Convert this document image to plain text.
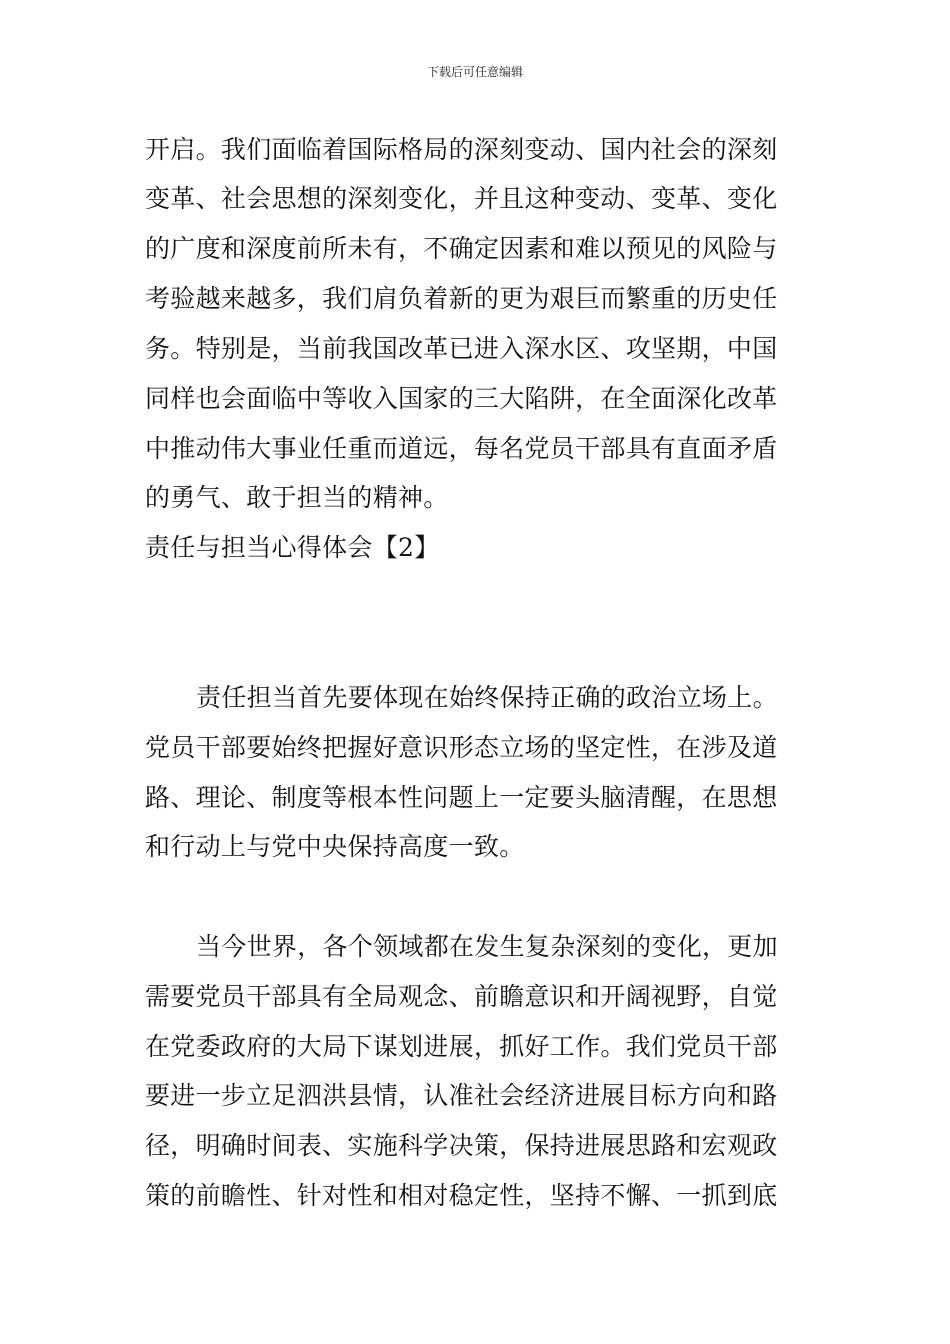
下载后可任意编辑
开启。我们面临着国际格局的深刻变动、国内社会的深刻
变革、社会思想的深刻变化，并且这种变动、变革、变化
的广度和深度前所未有，不确定因素和难以预见的风险与
考验越来越多，我们肩负着新的更为艰巨而繁重的历史任
务。特别是，当前我国改革已进入深水区、攻坚期，中国
同样也会面临中等收入国家的三大陷阱，在全面深化改革
中推动伟大事业任重而道远，每名党员干部具有直面矛盾
的勇气、敢于担当的精神。
责任与担当心得体会【2】
责任担当首先要体现在始终保持正确的政治立场上。
党员干部要始终把握好意识形态立场的坚定性，在涉及道
路、理论、制度等根本性问题上一定要头脑清醒，在思想
和行动上与党中央保持高度一致。
当今世界，各个领域都在发生复杂深刻的变化，更加
需要党员干部具有全局观念、前瞻意识和开阔视野，自觉
在党委政府的大局下谋划进展，抓好工作。我们党员干部
要进一步立足泗洪县情，认准社会经济进展目标方向和路
径，明确时间表、实施科学决策，保持进展思路和宏观政
策的前瞻性、针对性和相对稳定性，坚持不懈、一抓到底
